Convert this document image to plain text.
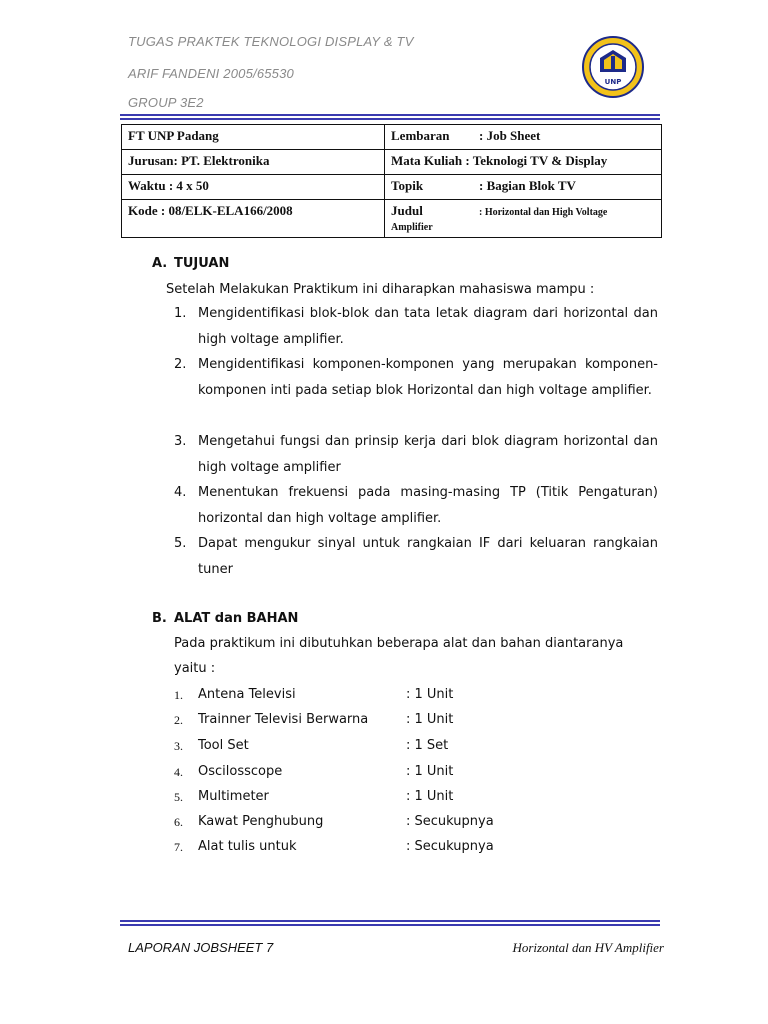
TUGAS PRAKTEK TEKNOLOGI DISPLAY & TV
ARIF FANDENI 2005/65530
GROUP 3E2
UNP
FT UNP Padang	Lembaran : Job Sheet
Jurusan: PT. Elektronika	Mata Kuliah : Teknologi TV & Display
Waktu : 4 x 50	Topik : Bagian Blok TV
Kode : 08/ELK-ELA166/2008	Judul : Horizontal dan High Voltage
Amplifier
A. TUJUAN
Setelah Melakukan Praktikum ini diharapkan mahasiswa mampu :
1. Mengidentifikasi blok-blok dan tata letak diagram dari horizontal dan high voltage amplifier.
2. Mengidentifikasi komponen-komponen yang merupakan komponen-komponen inti pada setiap blok Horizontal dan high voltage amplifier.
3. Mengetahui fungsi dan prinsip kerja dari blok diagram horizontal dan high voltage amplifier
4. Menentukan frekuensi pada masing-masing TP (Titik Pengaturan) horizontal dan high voltage amplifier.
5. Dapat mengukur sinyal untuk rangkaian IF dari keluaran rangkaian tuner
B. ALAT dan BAHAN
Pada praktikum ini dibutuhkan beberapa alat dan bahan diantaranya
yaitu :
1. Antena Televisi	: 1 Unit
2. Trainner Televisi Berwarna	: 1 Unit
3. Tool Set	: 1 Set
4. Oscilosscope	: 1 Unit
5. Multimeter	: 1 Unit
6. Kawat Penghubung	: Secukupnya
7. Alat tulis untuk	: Secukupnya
LAPORAN JOBSHEET 7	Horizontal dan HV Amplifier
